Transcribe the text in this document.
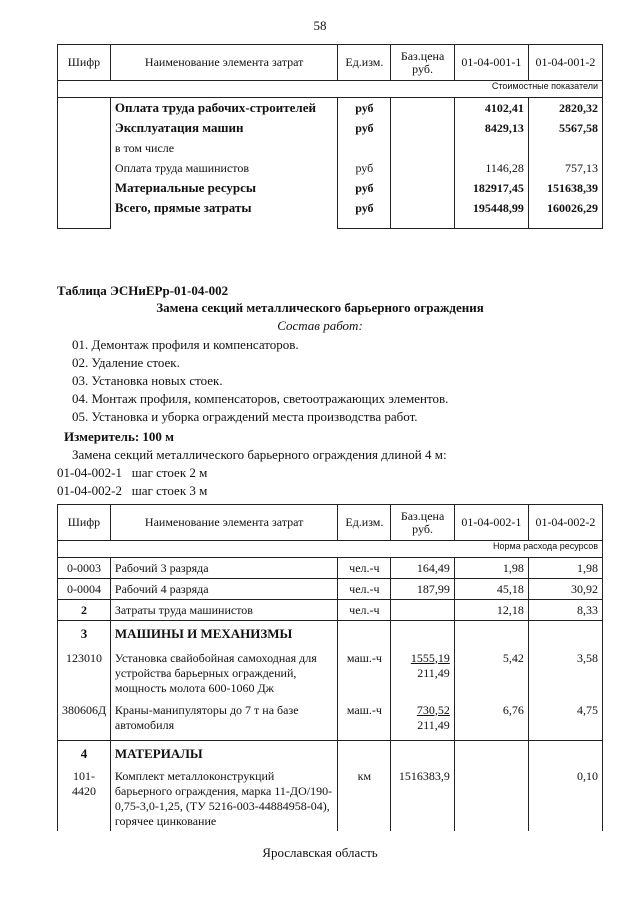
58
Шифр	Наименование элемента затрат	Ед.изм.	Баз.цена руб.	01-04-001-1	01-04-001-2
Стоимостные показатели					
	Оплата труда рабочих-строителей	руб		4102,41	2820,32
	Эксплуатация машин	руб		8429,13	5567,58
	в том числе				
	Оплата труда машинистов	руб		1146,28	757,13
	Материальные ресурсы	руб		182917,45	151638,39
	Всего, прямые затраты	руб		195448,99	160026,29
Таблица ЭСНиЕРр-01-04-002
Замена секций металлического барьерного ограждения
Состав работ:
01. Демонтаж профиля и компенсаторов.
02. Удаление стоек.
03. Установка новых стоек.
04. Монтаж профиля, компенсаторов, светоотражающих элементов.
05. Установка и уборка ограждений места производства работ.
Измеритель: 100 м
Замена секций металлического барьерного ограждения длиной 4 м:
01-04-002-1 шаг стоек 2 м
01-04-002-2 шаг стоек 3 м
Шифр	Наименование элемента затрат	Ед.изм.	Баз.цена руб.	01-04-002-1	01-04-002-2
Норма расхода ресурсов					
0-0003	Рабочий 3 разряда	чел.-ч	164,49	1,98	1,98
0-0004	Рабочий 4 разряда	чел.-ч	187,99	45,18	30,92
2	Затраты труда машинистов	чел.-ч		12,18	8,33
3	МАШИНЫ И МЕХАНИЗМЫ				
123010	Установка свайобойная самоходная для устройства барьерных ограждений, мощность молота 600-1060 Дж	маш.-ч	1555,19
211,49	5,42	3,58
380606Д	Краны-манипуляторы до 7 т на базе автомобиля	маш.-ч	730,52
211,49	6,76	4,75
4	МАТЕРИАЛЫ				
101-4420	Комплект металлоконструкций барьерного ограждения, марка 11-ДО/190-0,75-3,0-1,25, (ТУ 5216-003-44884958-04), горячее цинкование	км	1516383,9		0,10
Ярославская область
